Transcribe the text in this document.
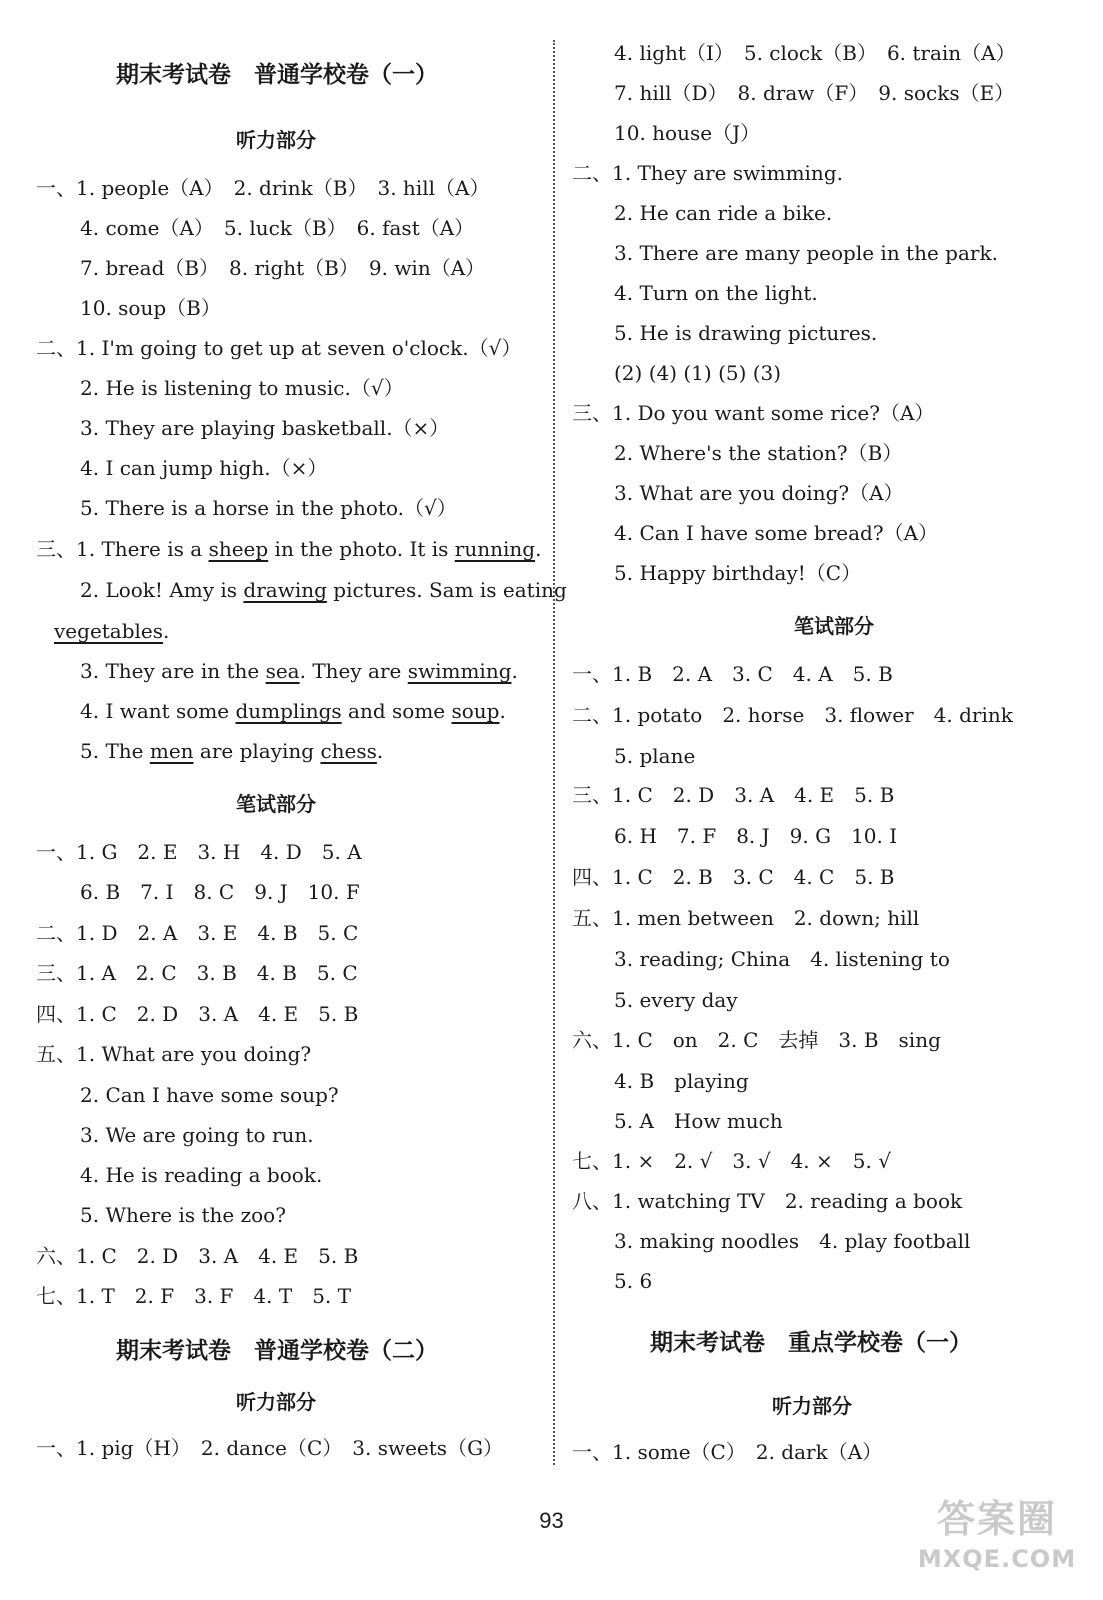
期末考试卷　普通学校卷（一）
听力部分
一、1. people（A）　2. drink（B）　3. hill（A）
4. come（A）　5. luck（B）　6. fast（A）
7. bread（B）　8. right（B）　9. win（A）
10. soup（B）
二、1. I'm going to get up at seven o'clock.（√）
2. He is listening to music.（√）
3. They are playing basketball.（×）
4. I can jump high.（×）
5. There is a horse in the photo.（√）
三、1. There is a sheep in the photo. It is running.
2. Look! Amy is drawing pictures. Sam is eating
vegetables.
3. They are in the sea. They are swimming.
4. I want some dumplings and some soup.
5. The men are playing chess.
笔试部分
一、1. G　2. E　3. H　4. D　5. A
6. B　7. I　8. C　9. J　10. F
二、1. D　2. A　3. E　4. B　5. C
三、1. A　2. C　3. B　4. B　5. C
四、1. C　2. D　3. A　4. E　5. B
五、1. What are you doing?
2. Can I have some soup?
3. We are going to run.
4. He is reading a book.
5. Where is the zoo?
六、1. C　2. D　3. A　4. E　5. B
七、1. T　2. F　3. F　4. T　5. T
期末考试卷　普通学校卷（二）
听力部分
一、1. pig（H）　2. dance（C）　3. sweets（G）
4. light（I）　5. clock（B）　6. train（A）
7. hill（D）　8. draw（F）　9. socks（E）
10. house（J）
二、1. They are swimming.
2. He can ride a bike.
3. There are many people in the park.
4. Turn on the light.
5. He is drawing pictures.
(2) (4) (1) (5) (3)
三、1. Do you want some rice?（A）
2. Where's the station?（B）
3. What are you doing?（A）
4. Can I have some bread?（A）
5. Happy birthday!（C）
笔试部分
一、1. B　2. A　3. C　4. A　5. B
二、1. potato　2. horse　3. flower　4. drink
5. plane
三、1. C　2. D　3. A　4. E　5. B
6. H　7. F　8. J　9. G　10. I
四、1. C　2. B　3. C　4. C　5. B
五、1. men between　2. down; hill
3. reading; China　4. listening to
5. every day
六、1. C　on　2. C　去掉　3. B　sing
4. B　playing
5. A　How much
七、1. ×　2. √　3. √　4. ×　5. √
八、1. watching TV　2. reading a book
3. making noodles　4. play football
5. 6
期末考试卷　重点学校卷（一）
听力部分
一、1. some（C）　2. dark（A）
93	答案圈
MXQE.COM
